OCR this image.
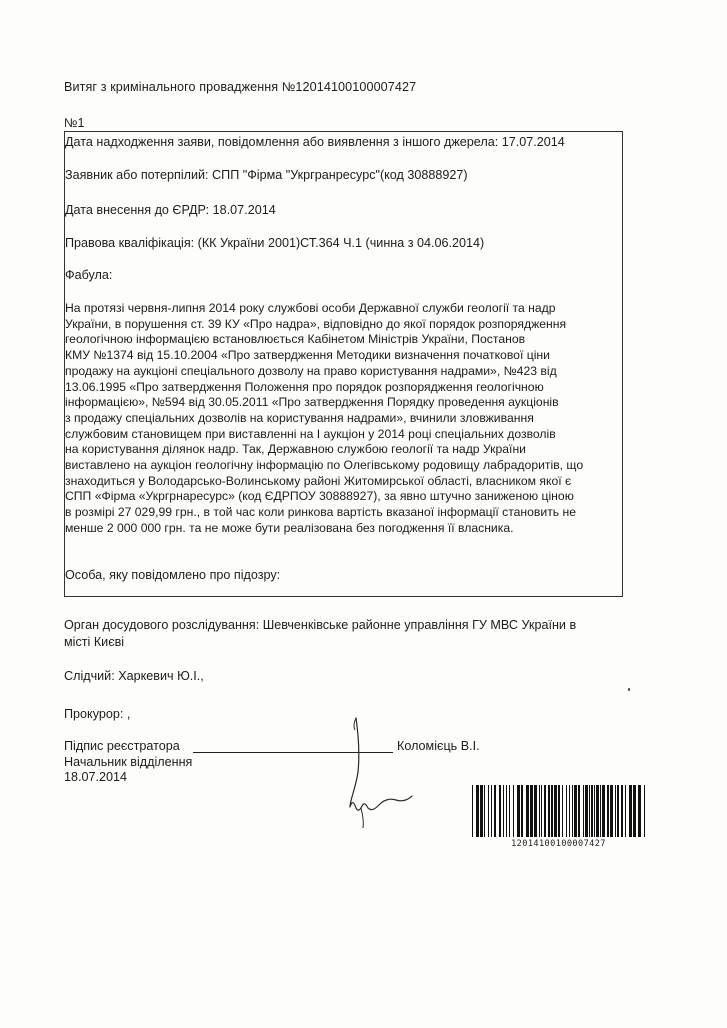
Витяг з кримінального провадження №12014100100007427
№1
Дата надходження заяви, повідомлення або виявлення з іншого джерела: 17.07.2014
Заявник або потерпілий: СПП "Фірма "Укргранресурс"(код 30888927)
Дата внесення до ЄРДР: 18.07.2014
Правова кваліфікація: (КК України 2001)СТ.364 Ч.1 (чинна з 04.06.2014)
Фабула:
На протязі червня-липня 2014 року службові особи Державної служби геології та надр
України, в порушення ст. 39 КУ «Про надра», відповідно до якої порядок розпорядження
геологічною інформацією встановлюється Кабінетом Міністрів України, Постанов
КМУ №1374 від 15.10.2004 «Про затвердження Методики визначення початкової ціни
продажу на аукціоні спеціального дозволу на право користування надрами», №423 від
13.06.1995 «Про затвердження Положення про порядок розпорядження геологічною
інформацією», №594 від 30.05.2011 «Про затвердження Порядку проведення аукціонів
з продажу спеціальних дозволів на користування надрами», вчинили зловживання
службовим становищем при виставленні на I аукціон у 2014 році спеціальних дозволів
на користування ділянок надр. Так, Державною службою геології та надр України
виставлено на аукціон геологічну інформацію по Олегівському родовищу лабрадоритів, що
знаходиться у Володарсько-Волинському районі Житомирської області, власником якої є
СПП «Фірма «Укргрнаресурс» (код ЄДРПОУ 30888927), за явно штучно заниженою ціною
в розмірі 27 029,99 грн., в той час коли ринкова вартість вказаної інформації становить не
менше 2 000 000 грн. та не може бути реалізована без погодження її власника.
Особа, яку повідомлено про підозру:
Орган досудового розслідування: Шевченківське районне управління ГУ МВС України в
місті Києві
Слідчий: Харкевич Ю.І.,
Прокурор: ,
Підпис реєстратора
Начальник відділення
18.07.2014
Коломієць В.І.
12014100100007427
